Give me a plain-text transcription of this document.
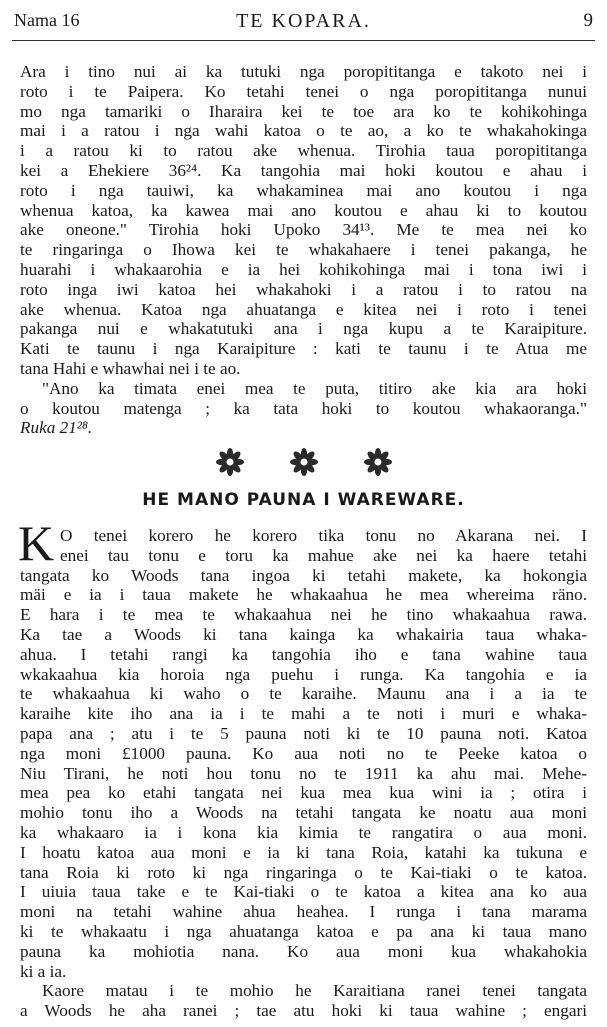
Nama 16	TE KOPARA.	9
Ara i tino nui ai ka tutuki nga poropititanga e takoto nei i
roto i te Paipera. Ko tetahi tenei o nga poropititanga nunui
mo nga tamariki o Iharaira kei te toe ara ko te kohikohinga
mai i a ratou i nga wahi katoa o te ao, a ko te whakahokinga
i a ratou ki to ratou ake whenua. Tirohia taua poropititanga
kei a Ehekiere 36²⁴. Ka tangohia mai hoki koutou e ahau i
roto i nga tauiwi, ka whakaminea mai ano koutou i nga
whenua katoa, ka kawea mai ano koutou e ahau ki to koutou
ake oneone." Tirohia hoki Upoko 34¹³. Me te mea nei ko
te ringaringa o Ihowa kei te whakahaere i tenei pakanga, he
huarahi i whakaarohia e ia hei kohikohinga mai i tona iwi i
roto inga iwi katoa hei whakahoki i a ratou i to ratou na
ake whenua. Katoa nga ahuatanga e kitea nei i roto i tenei
pakanga nui e whakatutuki ana i nga kupu a te Karaipiture.
Kati te taunu i nga Karaipiture : kati te taunu i te Atua me
tana Hahi e whawhai nei i te ao.
"Ano ka timata enei mea te puta, titiro ake kia ara hoki
o koutou matenga ; ka tata hoki to koutou whakaoranga."
Ruka 21²⁸.
HE MANO PAUNA I WAREWARE.
K O tenei korero he korero tika tonu no Akarana nei. I
enei tau tonu e toru ka mahue ake nei ka haere tetahi
tangata ko Woods tana ingoa ki tetahi makete, ka hokongia
mäi e ia i taua makete he whakaahua he mea whereima räno.
E hara i te mea te whakaahua nei he tino whakaahua rawa.
Ka tae a Woods ki tana kainga ka whakairia taua whaka-
ahua. I tetahi rangi ka tangohia iho e tana wahine taua
wkakaahua kia horoia nga puehu i runga. Ka tangohia e ia
te whakaahua ki waho o te karaihe. Maunu ana i a ia te
karaihe kite iho ana ia i te mahi a te noti i muri e whaka-
papa ana ; atu i te 5 pauna noti ki te 10 pauna noti. Katoa
nga moni £1000 pauna. Ko aua noti no te Peeke katoa o
Niu Tirani, he noti hou tonu no te 1911 ka ahu mai. Mehe-
mea pea ko etahi tangata nei kua mea kua wini ia ; otira i
mohio tonu iho a Woods na tetahi tangata ke noatu aua moni
ka whakaaro ia i kona kia kimia te rangatira o aua moni.
I hoatu katoa aua moni e ia ki tana Roia, katahi ka tukuna e
tana Roia ki roto ki nga ringaringa o te Kai-tiaki o te katoa.
I uiuia taua take e te Kai-tiaki o te katoa a kitea ana ko aua
moni na tetahi wahine ahua heahea. I runga i tana marama
ki te whakaatu i nga ahuatanga katoa e pa ana ki taua mano
pauna ka mohiotia nana. Ko aua moni kua whakahokia
ki a ia.
Kaore matau i te mohio he Karaitiana ranei tenei tangata
a Woods he aha ranei ; tae atu hoki ki taua wahine ; engari
